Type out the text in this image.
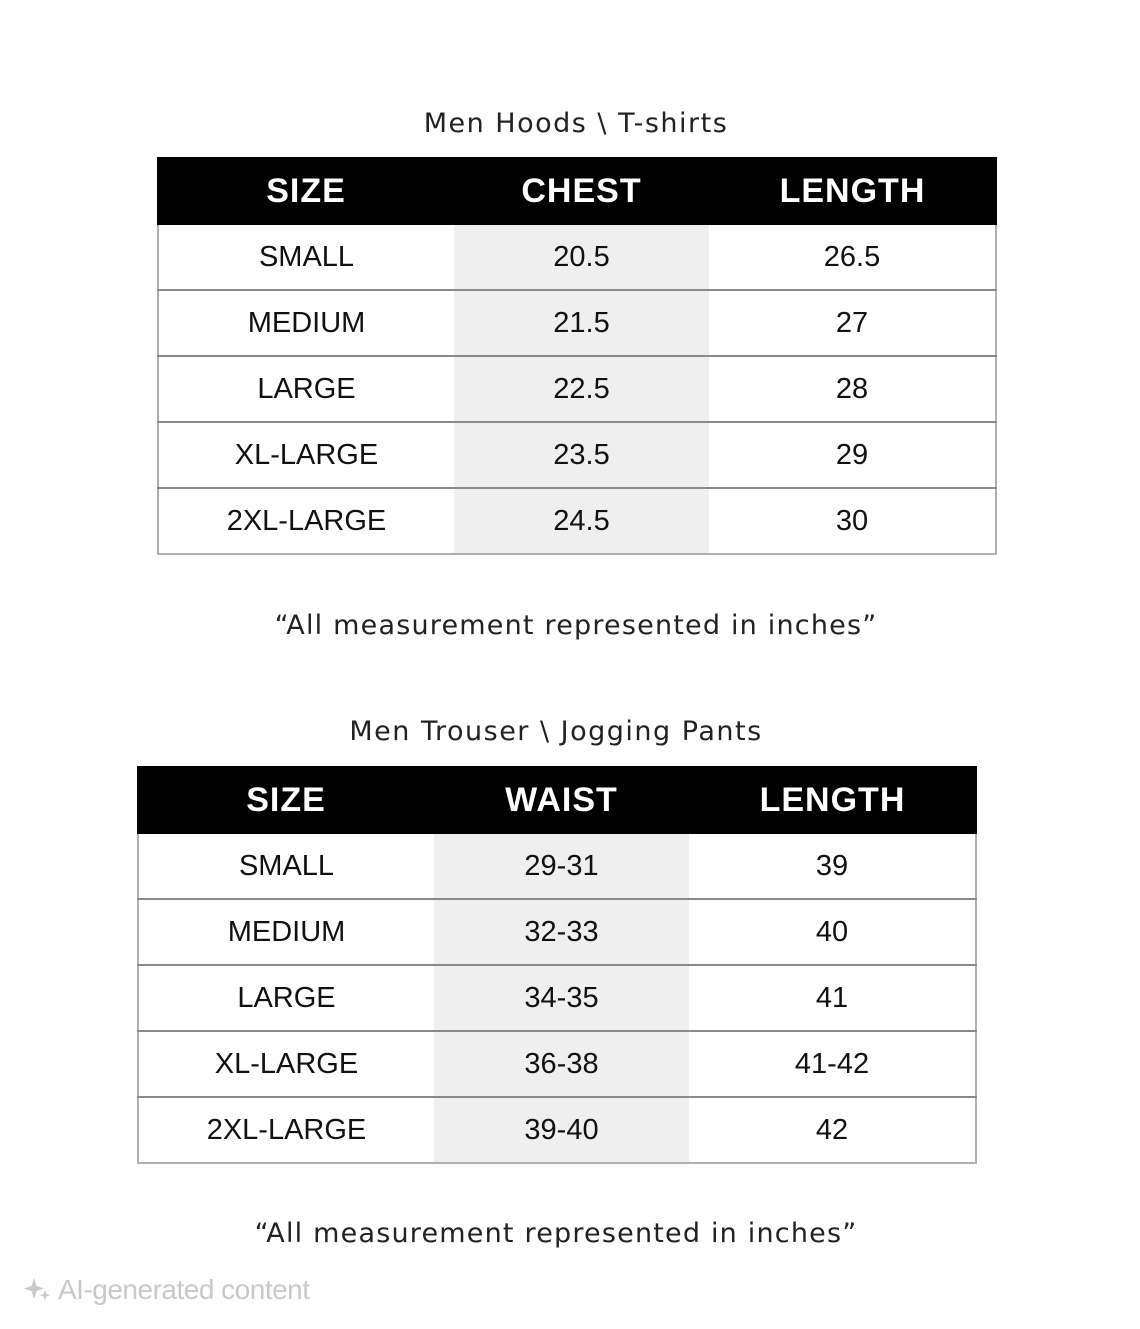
Men Hoods \ T-shirts
SIZE	CHEST	LENGTH
SMALL	20.5	26.5
MEDIUM	21.5	27
LARGE	22.5	28
XL-LARGE	23.5	29
2XL-LARGE	24.5	30
“All measurement represented in inches”
Men Trouser \ Jogging Pants
SIZE	WAIST	LENGTH
SMALL	29-31	39
MEDIUM	32-33	40
LARGE	34-35	41
XL-LARGE	36-38	41-42
2XL-LARGE	39-40	42
“All measurement represented in inches”
AI-generated content
